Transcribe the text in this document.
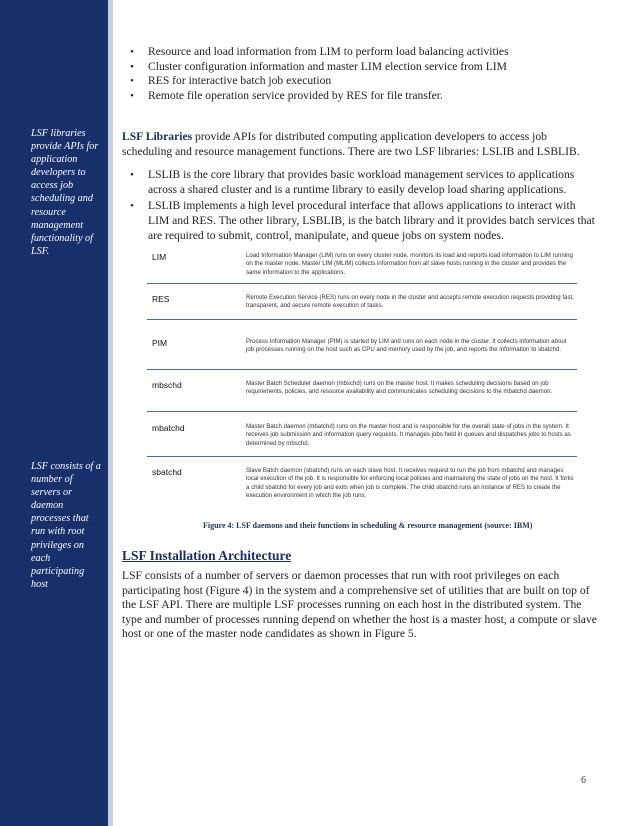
LSF libraries provide APIs for application developers to access job scheduling and resource management functionality of LSF.
LSF consists of a number of servers or daemon processes that run with root privileges on each participating host
• Resource and load information from LIM to perform load balancing activities
• Cluster configuration information and master LIM election service from LIM
• RES for interactive batch job execution
• Remote file operation service provided by RES for file transfer.

LSF Libraries provide APIs for distributed computing application developers to access job scheduling and resource management functions. There are two LSF libraries: LSLIB and LSBLIB.

• LSLIB is the core library that provides basic workload management services to applications across a shared cluster and is a runtime library to easily develop load sharing applications.
• LSLIB implements a high level procedural interface that allows applications to interact with LIM and RES. The other library, LSBLIB, is the batch library and it provides batch services that are required to submit, control, manipulate, and queue jobs on system nodes.
LIM	Load Information Manager (LIM) runs on every cluster node, monitors its load and reports load information to LIM running on the master node. Master LIM (MLIM) collects information from all slave hosts running in the cluster and provides the same information to the applications.
RES	Remote Execution Service (RES) runs on every node in the cluster and accepts remote execution requests providing fast, transparent, and secure remote execution of tasks.
PIM	Process Information Manager (PIM) is started by LIM and runs on each node in the cluster. It collects information about job processes running on the host such as CPU and memory used by the job, and reports the information to sbatchd.
mbschd	Master Batch Scheduler daemon (mbschd) runs on the master host. It makes scheduling decisions based on job requirements, policies, and resource availability and communicates scheduling decisions to the mbatchd daemon.
mbatchd	Master Batch daemon (mbatchd) runs on the master host and is responsible for the overall state of jobs in the system. It receives job submission and information query requests. It manages jobs held in queues and dispatches jobs to hosts as determined by mbschd.
sbatchd	Slave Batch daemon (sbatchd) runs on each slave host. It receives request to run the job from mbatchd and manages local execution of the job. It is responsible for enforcing local policies and maintaining the state of jobs on the host. It forks a child sbatchd for every job and exits when job is complete. The child sbatchd runs an instance of RES to create the execution environment in which the job runs.
Figure 4: LSF daemons and their functions in scheduling & resource management (source: IBM)
LSF Installation Architecture

LSF consists of a number of servers or daemon processes that run with root privileges on each participating host (Figure 4) in the system and a comprehensive set of utilities that are built on top of the LSF API. There are multiple LSF processes running on each host in the distributed system. The type and number of processes running depend on whether the host is a master host, a compute or slave host or one of the master node candidates as shown in Figure 5.

6
